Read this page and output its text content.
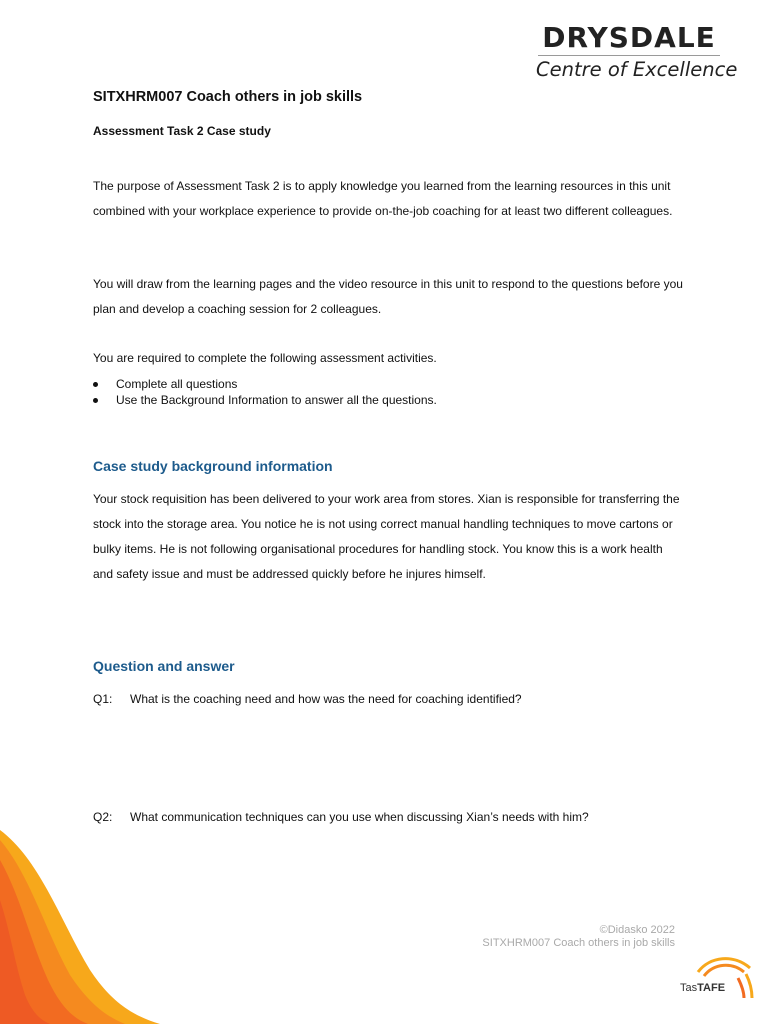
DRYSDALE
Centre of Excellence
SITXHRM007 Coach others in job skills
Assessment Task 2 Case study

The purpose of Assessment Task 2 is to apply knowledge you learned from the learning resources in this unit combined with your workplace experience to provide on-the-job coaching for at least two different colleagues.

You will draw from the learning pages and the video resource in this unit to respond to the questions before you plan and develop a coaching session for 2 colleagues.

You are required to complete the following assessment activities.

Complete all questions
Use the Background Information to answer all the questions.
Case study background information

Your stock requisition has been delivered to your work area from stores. Xian is responsible for transferring the stock into the storage area. You notice he is not using correct manual handling techniques to move cartons or bulky items. He is not following organisational procedures for handling stock. You know this is a work health and safety issue and must be addressed quickly before he injures himself.

Question and answer
Q1: What is the coaching need and how was the need for coaching identified?
Q2: What communication techniques can you use when discussing Xian’s needs with him?
©Didasko 2022
SITXHRM007 Coach others in job skills
TasTAFE
